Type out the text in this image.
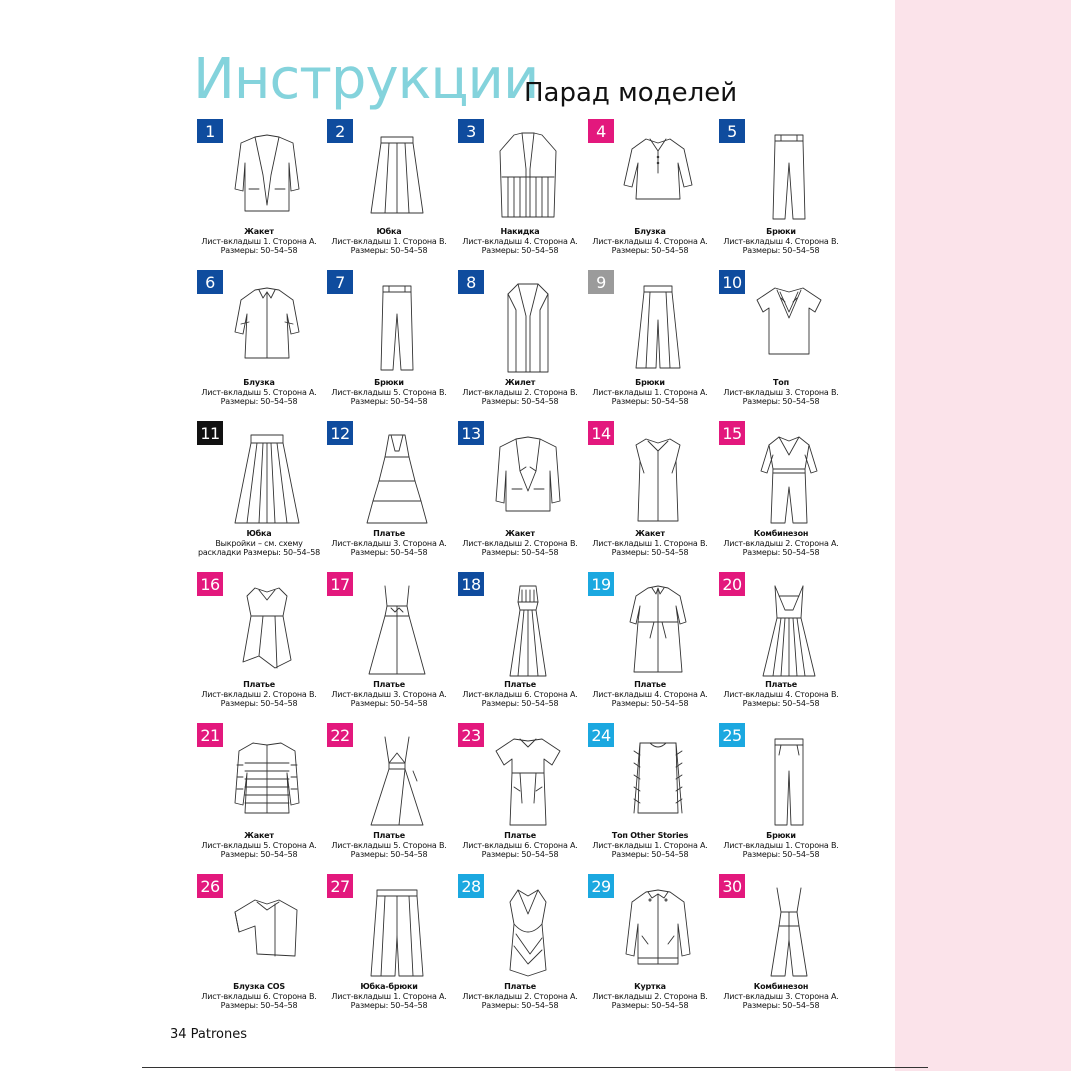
Инструкции
Парад моделей
1
Жакет
Лист-вкладыш 1. Сторона А.
Размеры: 50–54–58
2
Юбка
Лист-вкладыш 1. Сторона В.
Размеры: 50–54–58
3
Накидка
Лист-вкладыш 4. Сторона А.
Размеры: 50–54–58
4
Блузка
Лист-вкладыш 4. Сторона А.
Размеры: 50–54–58
5
Брюки
Лист-вкладыш 4. Сторона В.
Размеры: 50–54–58
6
Блузка
Лист-вкладыш 5. Сторона А.
Размеры: 50–54–58
7
Брюки
Лист-вкладыш 5. Сторона В.
Размеры: 50–54–58
8
Жилет
Лист-вкладыш 2. Сторона В.
Размеры: 50–54–58
9
Брюки
Лист-вкладыш 1. Сторона А.
Размеры: 50–54–58
10
Топ
Лист-вкладыш 3. Сторона В.
Размеры: 50–54–58
11
Юбка
Выкройки – см. схему
раскладки Размеры: 50–54–58
12
Платье
Лист-вкладыш 3. Сторона А.
Размеры: 50–54–58
13
Жакет
Лист-вкладыш 2. Сторона В.
Размеры: 50–54–58
14
Жакет
Лист-вкладыш 1. Сторона В.
Размеры: 50–54–58
15
Комбинезон
Лист-вкладыш 2. Сторона А.
Размеры: 50–54–58
16
Платье
Лист-вкладыш 2. Сторона В.
Размеры: 50–54–58
17
Платье
Лист-вкладыш 3. Сторона А.
Размеры: 50–54–58
18
Платье
Лист-вкладыш 6. Сторона А.
Размеры: 50–54–58
19
Платье
Лист-вкладыш 4. Сторона А.
Размеры: 50–54–58
20
Платье
Лист-вкладыш 4. Сторона В.
Размеры: 50–54–58
21
Жакет
Лист-вкладыш 5. Сторона А.
Размеры: 50–54–58
22
Платье
Лист-вкладыш 5. Сторона В.
Размеры: 50–54–58
23
Платье
Лист-вкладыш 6. Сторона А.
Размеры: 50–54–58
24
Топ Other Stories
Лист-вкладыш 1. Сторона А.
Размеры: 50–54–58
25
Брюки
Лист-вкладыш 1. Сторона В.
Размеры: 50–54–58
26
Блузка COS
Лист-вкладыш 6. Сторона В.
Размеры: 50–54–58
27
Юбка-брюки
Лист-вкладыш 1. Сторона А.
Размеры: 50–54–58
28
Платье
Лист-вкладыш 2. Сторона А.
Размеры: 50–54–58
29
Куртка
Лист-вкладыш 2. Сторона В.
Размеры: 50–54–58
30
Комбинезон
Лист-вкладыш 3. Сторона А.
Размеры: 50–54–58
34 Patrones
